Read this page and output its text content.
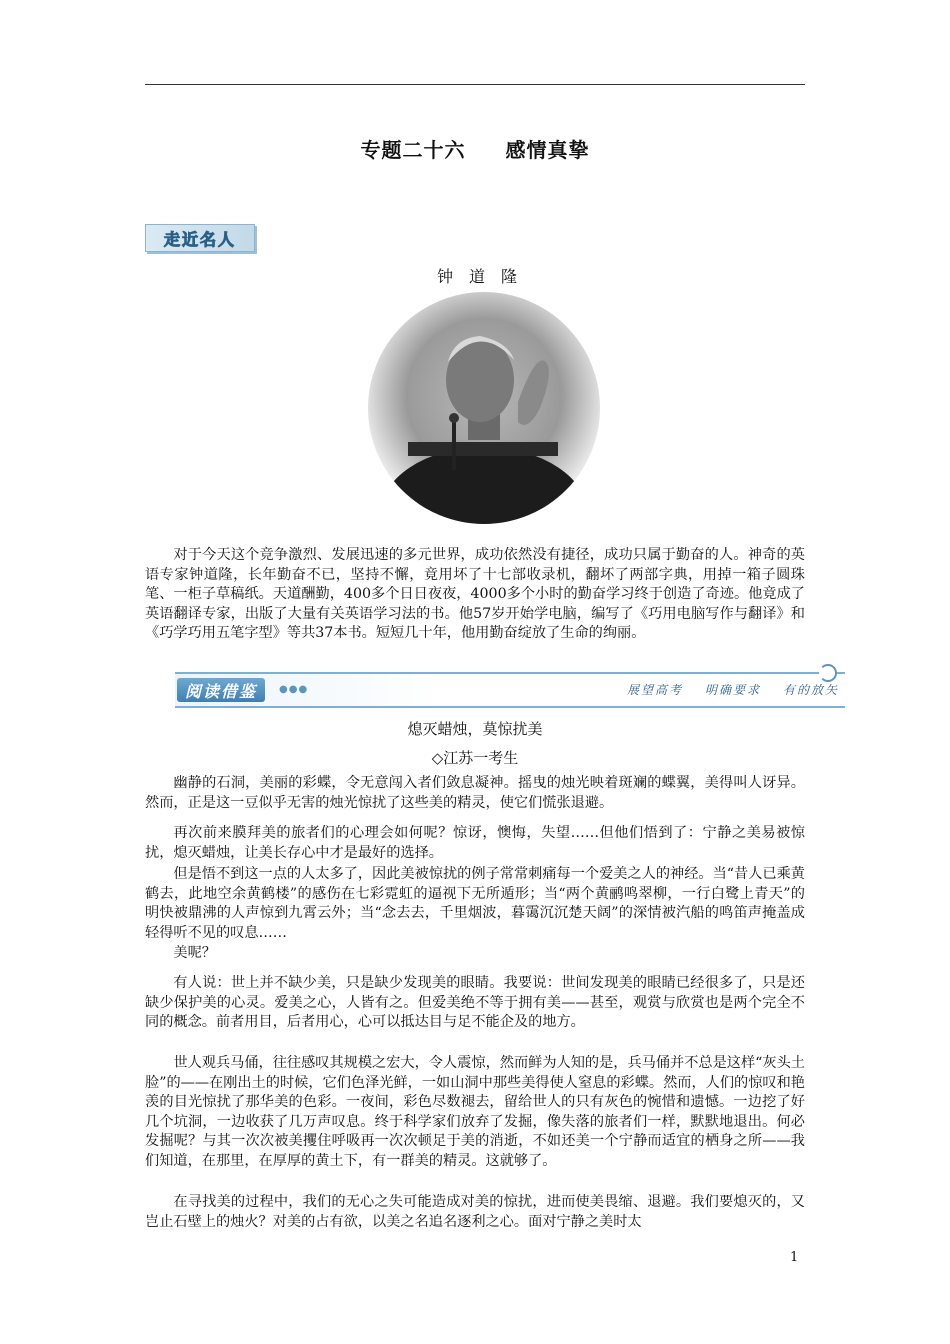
专题二十六 感情真挚
走近名人
钟道隆

对于今天这个竞争激烈、发展迅速的多元世界，成功依然没有捷径，成功只属于勤奋的人。神奇的英语专家钟道隆，长年勤奋不已，坚持不懈，竟用坏了十七部收录机，翻坏了两部字典，用掉一箱子圆珠笔、一柜子草稿纸。天道酬勤，400多个日日夜夜，4000多个小时的勤奋学习终于创造了奇迹。他竟成了英语翻译专家，出版了大量有关英语学习法的书。他57岁开始学电脑，编写了《巧用电脑写作与翻译》和《巧学巧用五笔字型》等共37本书。短短几十年，他用勤奋绽放了生命的绚丽。

阅读借鉴 ●●●	展望高考 明确要求 有的放矢
熄灭蜡烛，莫惊扰美
◇江苏一考生

幽静的石洞，美丽的彩蝶，令无意闯入者们敛息凝神。摇曳的烛光映着斑斓的蝶翼，美得叫人讶异。然而，正是这一豆似乎无害的烛光惊扰了这些美的精灵，使它们慌张退避。

再次前来膜拜美的旅者们的心理会如何呢？惊讶，懊悔，失望……但他们悟到了：宁静之美易被惊扰，熄灭蜡烛，让美长存心中才是最好的选择。

但是悟不到这一点的人太多了，因此美被惊扰的例子常常刺痛每一个爱美之人的神经。当“昔人已乘黄鹤去，此地空余黄鹤楼”的感伤在七彩霓虹的逼视下无所遁形；当“两个黄鹂鸣翠柳，一行白鹭上青天”的明快被鼎沸的人声惊到九霄云外；当“念去去，千里烟波，暮霭沉沉楚天阔”的深情被汽船的鸣笛声掩盖成轻得听不见的叹息……

美呢？

有人说：世上并不缺少美，只是缺少发现美的眼睛。我要说：世间发现美的眼睛已经很多了，只是还缺少保护美的心灵。爱美之心，人皆有之。但爱美绝不等于拥有美——甚至，观赏与欣赏也是两个完全不同的概念。前者用目，后者用心，心可以抵达目与足不能企及的地方。

世人观兵马俑，往往感叹其规模之宏大，令人震惊，然而鲜为人知的是，兵马俑并不总是这样“灰头土脸”的——在刚出土的时候，它们色泽光鲜，一如山洞中那些美得使人窒息的彩蝶。然而，人们的惊叹和艳羡的目光惊扰了那华美的色彩。一夜间，彩色尽数褪去，留给世人的只有灰色的惋惜和遗憾。一边挖了好几个坑洞，一边收获了几万声叹息。终于科学家们放弃了发掘，像失落的旅者们一样，默默地退出。何必发掘呢？与其一次次被美攫住呼吸再一次次顿足于美的消逝，不如还美一个宁静而适宜的栖身之所——我们知道，在那里，在厚厚的黄土下，有一群美的精灵。这就够了。

在寻找美的过程中，我们的无心之失可能造成对美的惊扰，进而使美畏缩、退避。我们要熄灭的，又岂止石壁上的烛火？对美的占有欲，以美之名追名逐利之心。面对宁静之美时太

1
